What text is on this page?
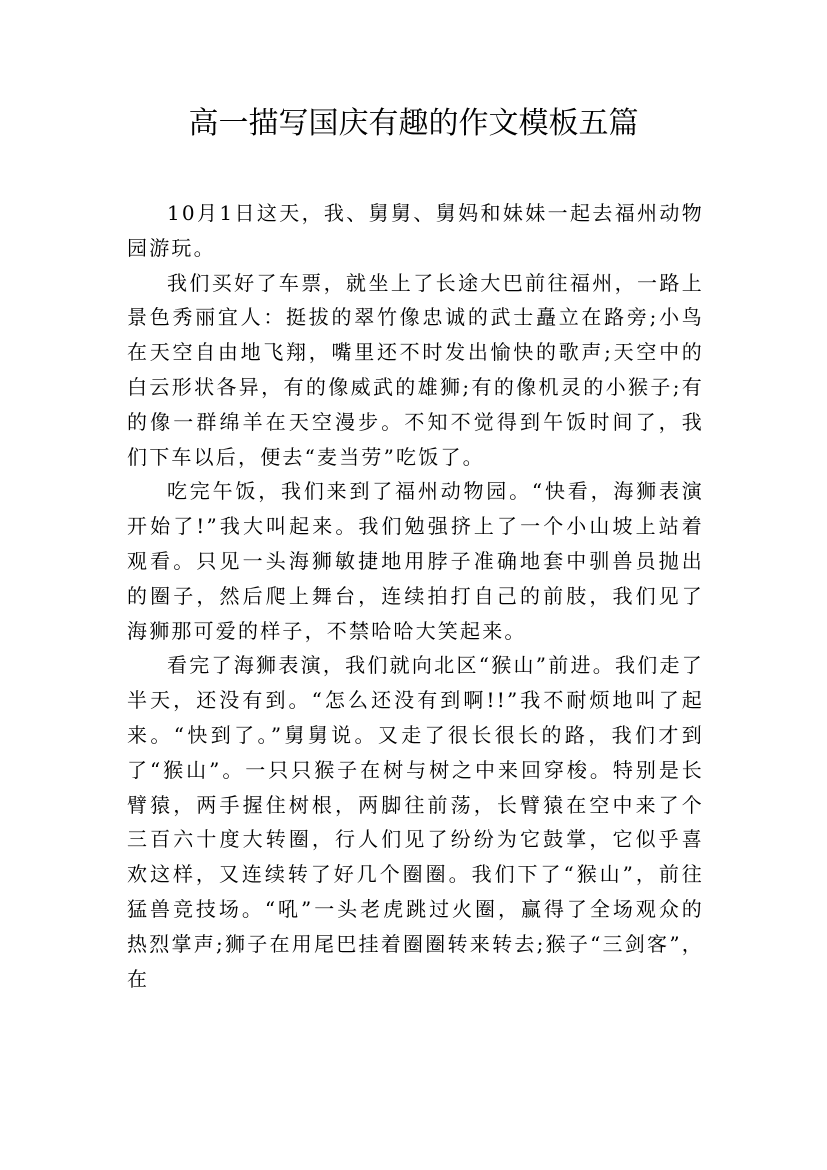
高一描写国庆有趣的作文模板五篇

10月1日这天，我、舅舅、舅妈和妹妹一起去福州动物园游玩。

我们买好了车票，就坐上了长途大巴前往福州，一路上景色秀丽宜人：挺拔的翠竹像忠诚的武士矗立在路旁;小鸟在天空自由地飞翔，嘴里还不时发出愉快的歌声;天空中的白云形状各异，有的像威武的雄狮;有的像机灵的小猴子;有的像一群绵羊在天空漫步。不知不觉得到午饭时间了，我们下车以后，便去“麦当劳”吃饭了。

吃完午饭，我们来到了福州动物园。“快看，海狮表演开始了!”我大叫起来。我们勉强挤上了一个小山坡上站着观看。只见一头海狮敏捷地用脖子准确地套中驯兽员抛出的圈子，然后爬上舞台，连续拍打自己的前肢，我们见了海狮那可爱的样子，不禁哈哈大笑起来。

看完了海狮表演，我们就向北区“猴山”前进。我们走了半天，还没有到。“怎么还没有到啊!!”我不耐烦地叫了起来。“快到了。”舅舅说。又走了很长很长的路，我们才到了“猴山”。一只只猴子在树与树之中来回穿梭。特别是长臂猿，两手握住树根，两脚往前荡，长臂猿在空中来了个三百六十度大转圈，行人们见了纷纷为它鼓掌，它似乎喜欢这样，又连续转了好几个圈圈。我们下了“猴山”，前往猛兽竞技场。“吼”一头老虎跳过火圈，赢得了全场观众的热烈掌声;狮子在用尾巴挂着圈圈转来转去;猴子“三剑客”，在
